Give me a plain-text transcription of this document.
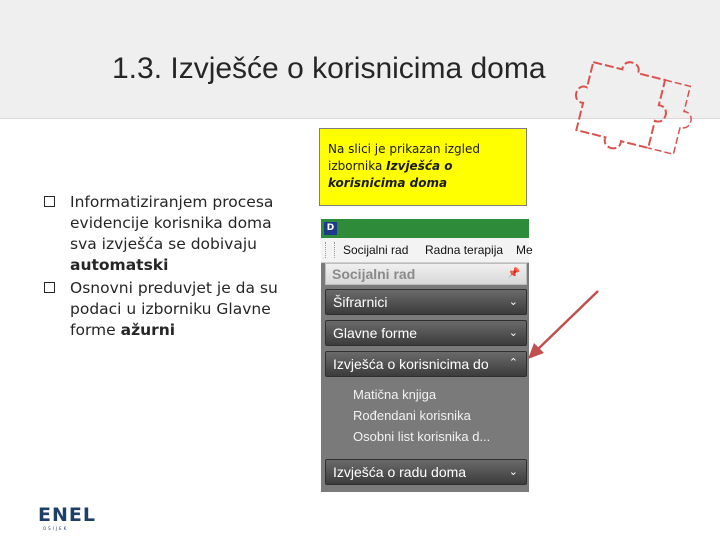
1.3. Izvješće o korisnicima doma
Informatiziranjem procesa evidencije korisnika doma sva izvješća se dobivaju automatski
Osnovni preduvjet je da su podaci u izborniku Glavne forme ažurni
Na slici je prikazan izgled izbornika Izvješća o korisnicima doma
D
Socijalni rad Radna terapija Me
Socijalni rad	📌
Šifrarnici	⌄
Glavne forme	⌄
Izvješća o korisnicima do ⌃
Matična knjiga
Rođendani korisnika
Osobni list korisnika d...
Izvješća o radu doma	⌄
ENEL
OSIJEK
